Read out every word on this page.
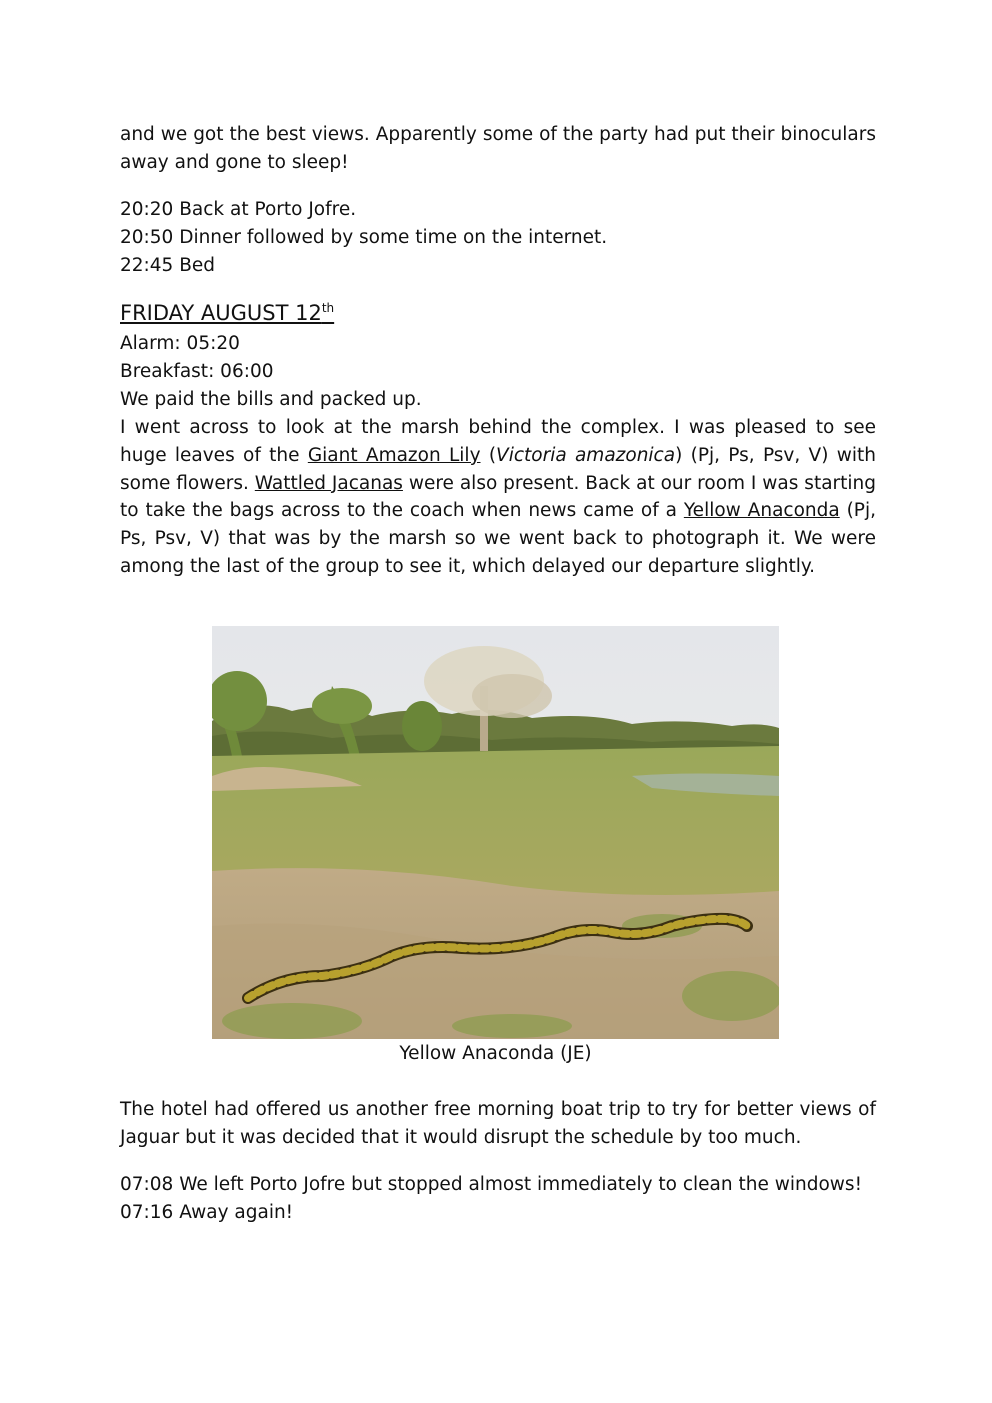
and we got the best views. Apparently some of the party had put their binoculars away and gone to sleep!

20:20 Back at Porto Jofre.

20:50 Dinner followed by some time on the internet.

22:45 Bed

FRIDAY AUGUST 12th

Alarm: 05:20

Breakfast: 06:00

We paid the bills and packed up.

I went across to look at the marsh behind the complex. I was pleased to see huge leaves of the Giant Amazon Lily (Victoria amazonica) (Pj, Ps, Psv, V) with some flowers. Wattled Jacanas were also present. Back at our room I was starting to take the bags across to the coach when news came of a Yellow Anaconda (Pj, Ps, Psv, V) that was by the marsh so we went back to photograph it. We were among the last of the group to see it, which delayed our departure slightly.

The hotel had offered us another free morning boat trip to try for better views of Jaguar but it was decided that it would disrupt the schedule by too much.

07:08 We left Porto Jofre but stopped almost immediately to clean the windows!

07:16 Away again!

Yellow Anaconda (JE)
